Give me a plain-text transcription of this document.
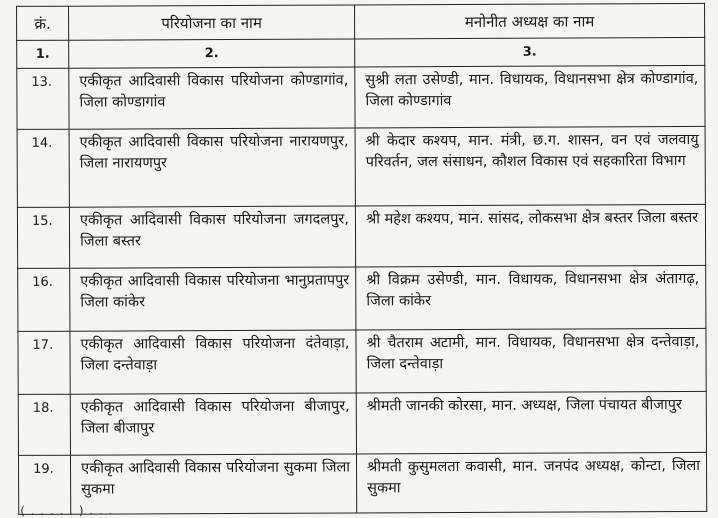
क्रं.	परियोजना का नाम	मनोनीत अध्यक्ष का नाम
1.	2.	3.
13.	एकीकृत आदिवासी विकास परियोजना कोण्डागांव, जिला कोण्डागांव	सुश्री लता उसेण्डी, मान. विधायक, विधानसभा क्षेत्र कोण्डागांव, जिला कोण्डागांव
14.	एकीकृत आदिवासी विकास परियोजना नारायणपुर, जिला नारायणपुर	श्री केदार कश्यप, मान. मंत्री, छ.ग. शासन, वन एवं जलवायु परिवर्तन, जल संसाधन, कौशल विकास एवं सहकारिता विभाग
15.	एकीकृत आदिवासी विकास परियोजना जगदलपुर, जिला बस्तर	श्री महेश कश्यप, मान. सांसद, लोकसभा क्षेत्र बस्तर जिला बस्तर
16.	एकीकृत आदिवासी विकास परियोजना भानुप्रतापपुर जिला कांकेर	श्री विक्रम उसेण्डी, मान. विधायक, विधानसभा क्षेत्र अंतागढ़, जिला कांकेर
17.	एकीकृत आदिवासी विकास परियोजना दंतेवाड़ा, जिला दन्तेवाड़ा	श्री चैतराम अटामी, मान. विधायक, विधानसभा क्षेत्र दन्तेवाड़ा, जिला दन्तेवाड़ा
18.	एकीकृत आदिवासी विकास परियोजना बीजापुर, जिला बीजापुर	श्रीमती जानकी कोरसा, मान. अध्यक्ष, जिला पंचायत बीजापुर
19.	एकीकृत आदिवासी विकास परियोजना सुकमा जिला सुकमा	श्रीमती कुसुमलता कवासी, मान. जनपंद अध्यक्ष, कोन्टा, जिला सुकमा
( . . . . . ) . . .
